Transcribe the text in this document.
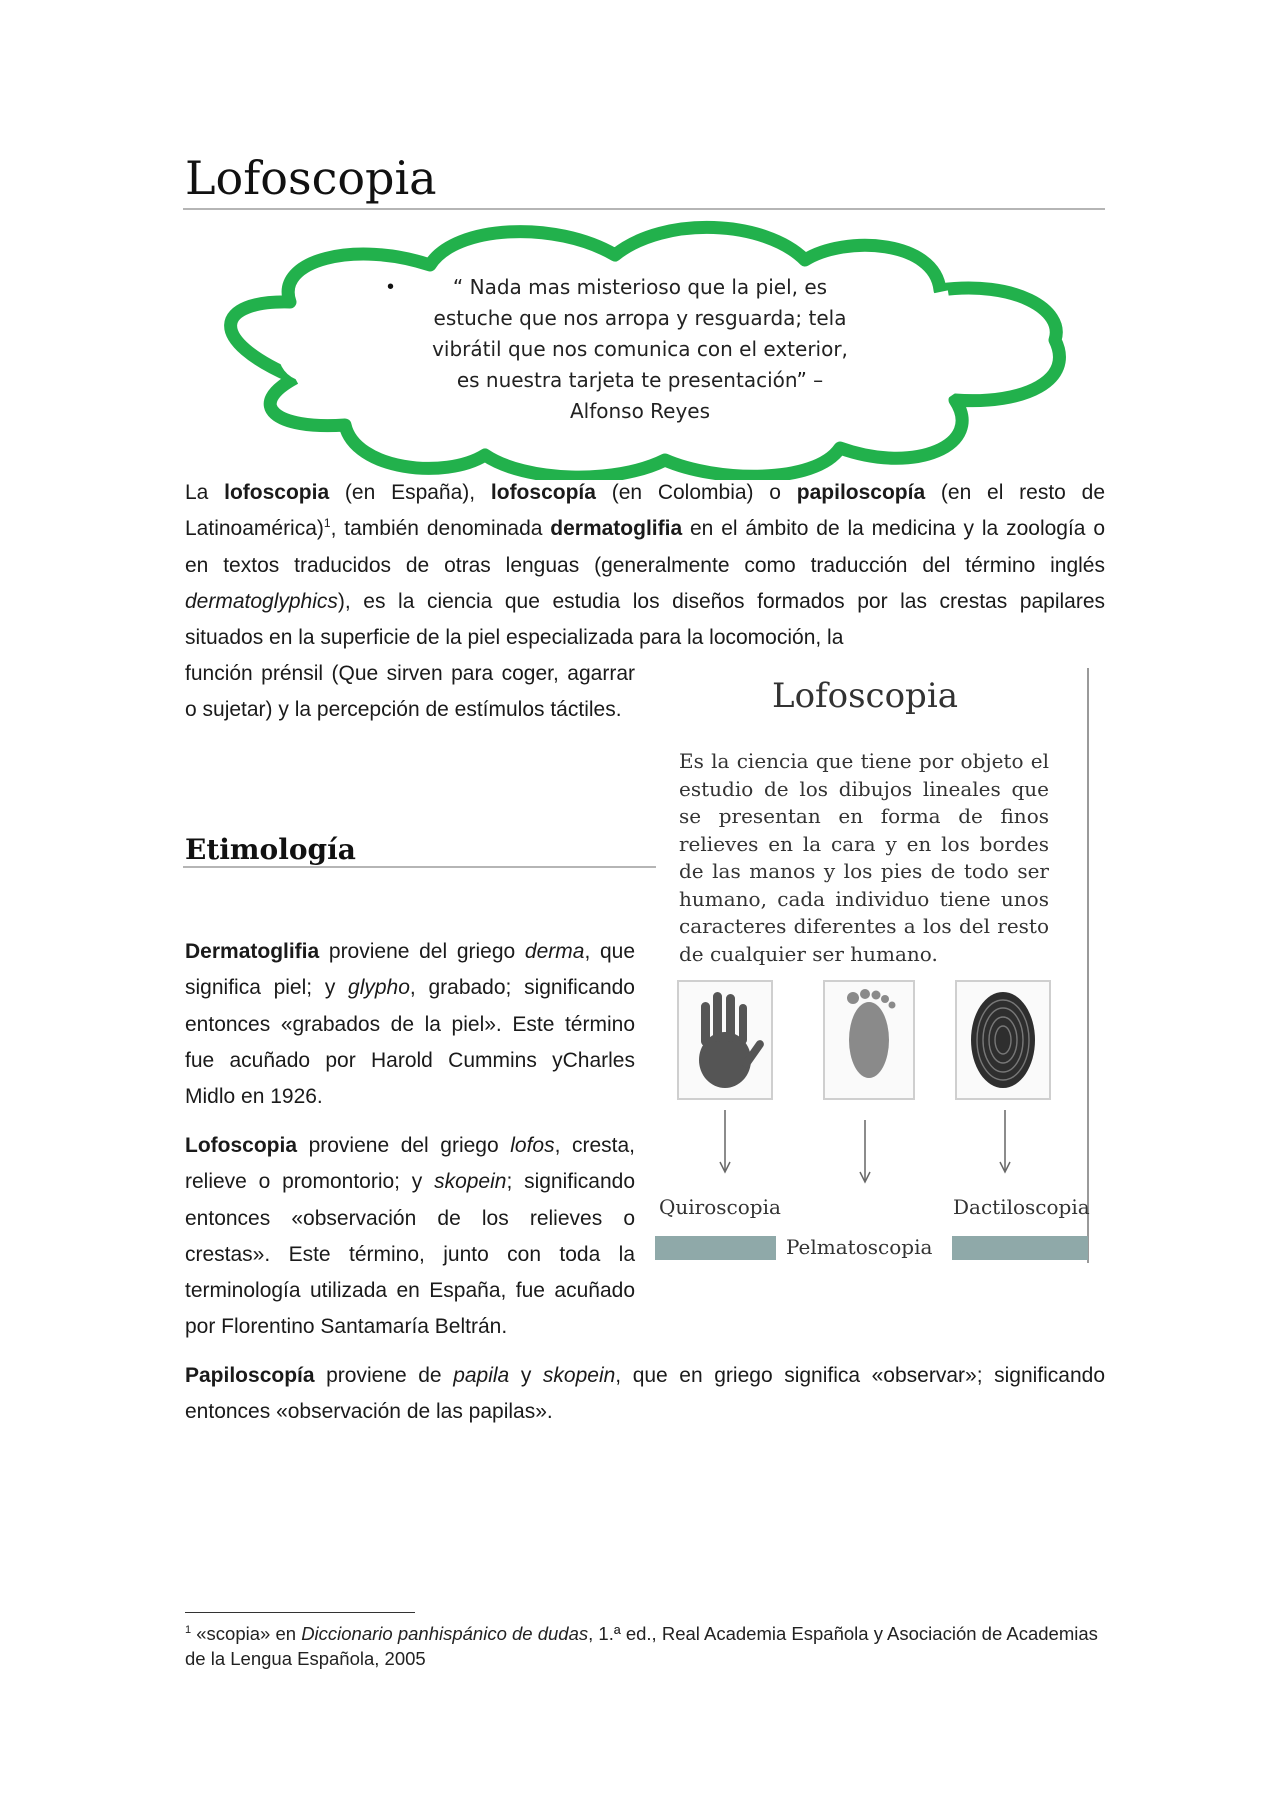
Lofoscopia
•	“ Nada mas misterioso que la piel, es estuche que nos arropa y resguarda; tela vibrátil que nos comunica con el exterior, es nuestra tarjeta te presentación” – Alfonso Reyes

La lofoscopia (en España), lofoscopía (en Colombia) o papiloscopía (en el resto de Latinoamérica)$^1$, también denominada dermatoglifia en el ámbito de la medicina y la zoología o en textos traducidos de otras lenguas (generalmente como traducción del término inglés dermatoglyphics), es la ciencia que estudia los diseños formados por las crestas papilares situados en la superficie de la piel especializada para la locomoción, la

función prénsil (Que sirven para coger, agarrar o sujetar) y la percepción de estímulos táctiles.

Etimología

Dermatoglifia proviene del griego derma, que significa piel; y glypho, grabado; significando entonces «grabados de la piel». Este término fue acuñado por Harold Cummins yCharles Midlo en 1926.

Lofoscopia proviene del griego lofos, cresta, relieve o promontorio; y skopein; significando entonces «observación de los relieves o crestas». Este término, junto con toda la terminología utilizada en España, fue acuñado por Florentino Santamaría Beltrán.

Papiloscopía proviene de papila y skopein, que en griego significa «observar»; significando entonces «observación de las papilas».

Lofoscopia
Es la ciencia que tiene por objeto el estudio de los dibujos lineales que se presentan en forma de finos relieves en la cara y en los bordes de las manos y los pies de todo ser humano, cada individuo tiene unos caracteres diferentes a los del resto de cualquier ser humano.
Quiroscopia	Dactiloscopia
Pelmatoscopia
$^1$ «scopia» en Diccionario panhispánico de dudas, 1.ª ed., Real Academia Española y Asociación de Academias de la Lengua Española, 2005
